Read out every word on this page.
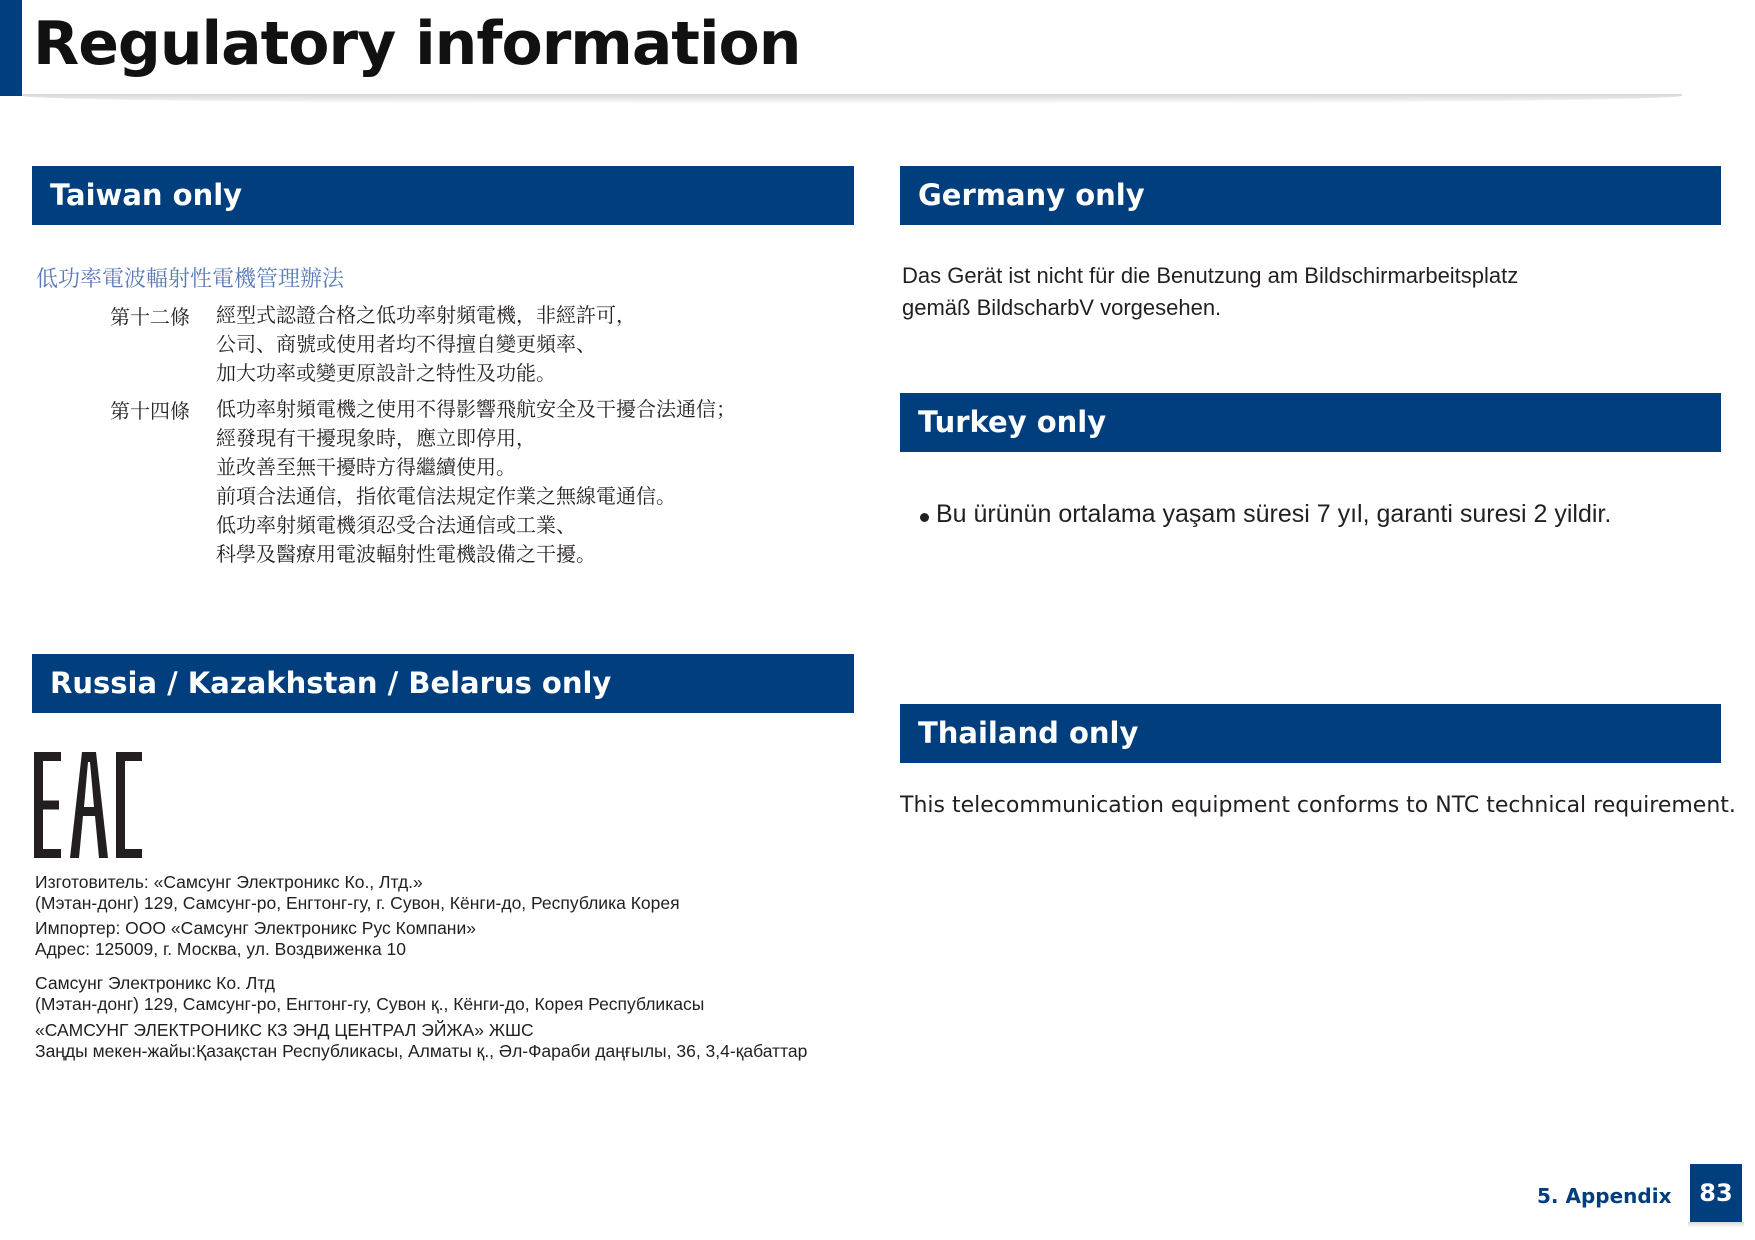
Regulatory information
Taiwan only
低功率電波輻射性電機管理辦法
第十二條 經型式認證合格之低功率射頻電機，非經許可，
公司、商號或使用者均不得擅自變更頻率、
加大功率或變更原設計之特性及功能。
第十四條 低功率射頻電機之使用不得影響飛航安全及干擾合法通信；
經發現有干擾現象時，應立即停用，
並改善至無干擾時方得繼續使用。
前項合法通信，指依電信法規定作業之無線電通信。
低功率射頻電機須忍受合法通信或工業、
科學及醫療用電波輻射性電機設備之干擾。
Russia / Kazakhstan / Belarus only
Изготовитель: «Самсунг Электроникс Ко., Лтд.»
(Мэтан-донг) 129, Самсунг-ро, Енгтонг-гу, г. Сувон, Кёнги-до, Республика Корея
Импортер: ООО «Самсунг Электроникс Рус Компани»
Адрес: 125009, г. Москва, ул. Воздвиженка 10
Самсунг Электроникс Ко. Лтд
(Мэтан-донг) 129, Самсунг-ро, Енгтонг-гу, Сувон қ., Кёнги-до, Корея Республикасы
«САМСУНГ ЭЛЕКТРОНИКС КЗ ЭНД ЦЕНТРАЛ ЭЙЖА» ЖШС
Заңды мекен-жайы:Қазақстан Республикасы, Алматы қ., Әл-Фараби даңғылы, 36, 3,4-қабаттар
Germany only
Das Gerät ist nicht für die Benutzung am Bildschirmarbeitsplatz
gemäß BildscharbV vorgesehen.
Turkey only
Bu ürünün ortalama yaşam süresi 7 yıl, garanti suresi 2 yildir.
Thailand only
This telecommunication equipment conforms to NTC technical requirement.
5. Appendix	83
